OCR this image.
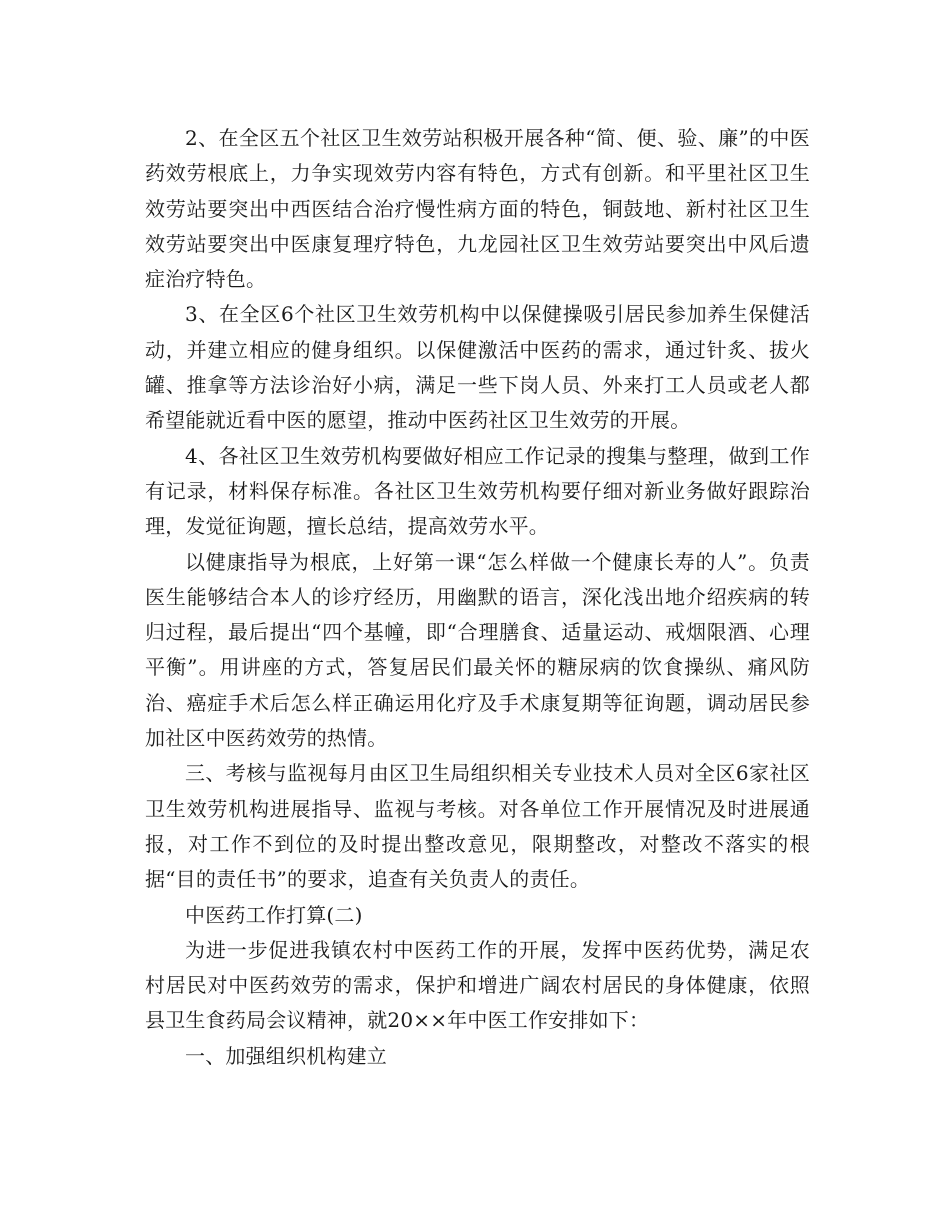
2、在全区五个社区卫生效劳站积极开展各种“简、便、验、廉”的中医药效劳根底上，力争实现效劳内容有特色，方式有创新。和平里社区卫生效劳站要突出中西医结合治疗慢性病方面的特色，铜鼓地、新村社区卫生效劳站要突出中医康复理疗特色，九龙园社区卫生效劳站要突出中风后遗症治疗特色。

3、在全区6个社区卫生效劳机构中以保健操吸引居民参加养生保健活动，并建立相应的健身组织。以保健激活中医药的需求，通过针炙、拔火罐、推拿等方法诊治好小病，满足一些下岗人员、外来打工人员或老人都希望能就近看中医的愿望，推动中医药社区卫生效劳的开展。

4、各社区卫生效劳机构要做好相应工作记录的搜集与整理，做到工作有记录，材料保存标准。各社区卫生效劳机构要仔细对新业务做好跟踪治理，发觉征询题，擅长总结，提高效劳水平。

以健康指导为根底，上好第一课“怎么样做一个健康长寿的人”。负责医生能够结合本人的诊疗经历，用幽默的语言，深化浅出地介绍疾病的转归过程，最后提出“四个基幢，即“合理膳食、适量运动、戒烟限酒、心理平衡”。用讲座的方式，答复居民们最关怀的糖尿病的饮食操纵、痛风防治、癌症手术后怎么样正确运用化疗及手术康复期等征询题，调动居民参加社区中医药效劳的热情。

三、考核与监视每月由区卫生局组织相关专业技术人员对全区6家社区卫生效劳机构进展指导、监视与考核。对各单位工作开展情况及时进展通报，对工作不到位的及时提出整改意见，限期整改，对整改不落实的根据“目的责任书”的要求，追查有关负责人的责任。

中医药工作打算(二)

为进一步促进我镇农村中医药工作的开展，发挥中医药优势，满足农村居民对中医药效劳的需求，保护和增进广阔农村居民的身体健康，依照县卫生食药局会议精神，就20××年中医工作安排如下：

一、加强组织机构建立
